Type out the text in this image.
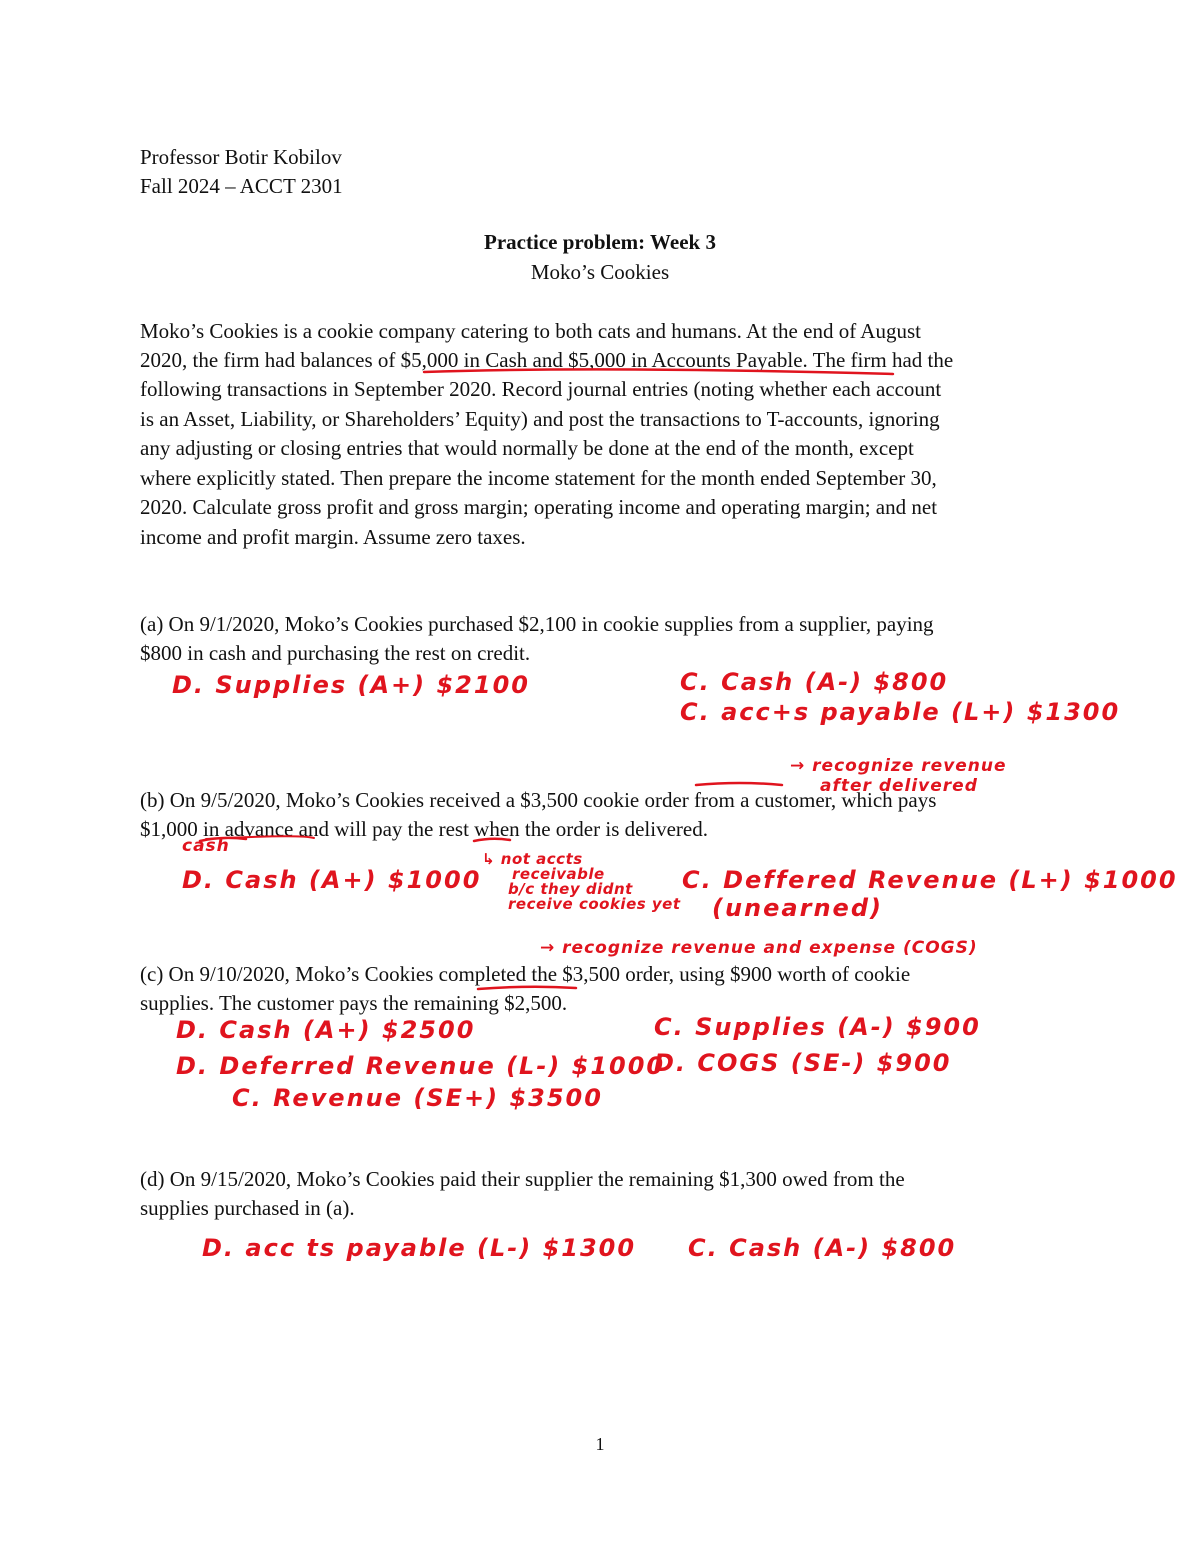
Professor Botir Kobilov

Fall 2024 – ACCT 2301

Practice problem: Week 3

Moko’s Cookies

Moko’s Cookies is a cookie company catering to both cats and humans. At the end of August

2020, the firm had balances of $5,000 in Cash and $5,000 in Accounts Payable. The firm had the

following transactions in September 2020. Record journal entries (noting whether each account

is an Asset, Liability, or Shareholders’ Equity) and post the transactions to T-accounts, ignoring

any adjusting or closing entries that would normally be done at the end of the month, except

where explicitly stated. Then prepare the income statement for the month ended September 30,

2020. Calculate gross profit and gross margin; operating income and operating margin; and net

income and profit margin. Assume zero taxes.

(a) On 9/1/2020, Moko’s Cookies purchased $2,100 in cookie supplies from a supplier, paying

$800 in cash and purchasing the rest on credit.

D. Supplies (A+) $2100	C. Cash (A-) $800
C. acc+s payable (L+) $1300

(b) On 9/5/2020, Moko’s Cookies received a $3,500 cookie order from a customer, which pays

$1,000 in advance and will pay the rest when the order is delivered.

→ recognize revenue
after delivered
cash
D. Cash (A+) $1000
↳ not accts
receivable
b/c they didnt
receive cookies yet
C. Deffered Revenue (L+) $1000
(unearned)

(c) On 9/10/2020, Moko’s Cookies completed the $3,500 order, using $900 worth of cookie

supplies. The customer pays the remaining $2,500.

→ recognize revenue and expense (COGS)
D. Cash (A+) $2500
D. Deferred Revenue (L-) $1000
C. Revenue (SE+) $3500
C. Supplies (A-) $900
D. COGS (SE-) $900

(d) On 9/15/2020, Moko’s Cookies paid their supplier the remaining $1,300 owed from the

supplies purchased in (a).

D. acc ts payable (L-) $1300 C. Cash (A-) $800
1
